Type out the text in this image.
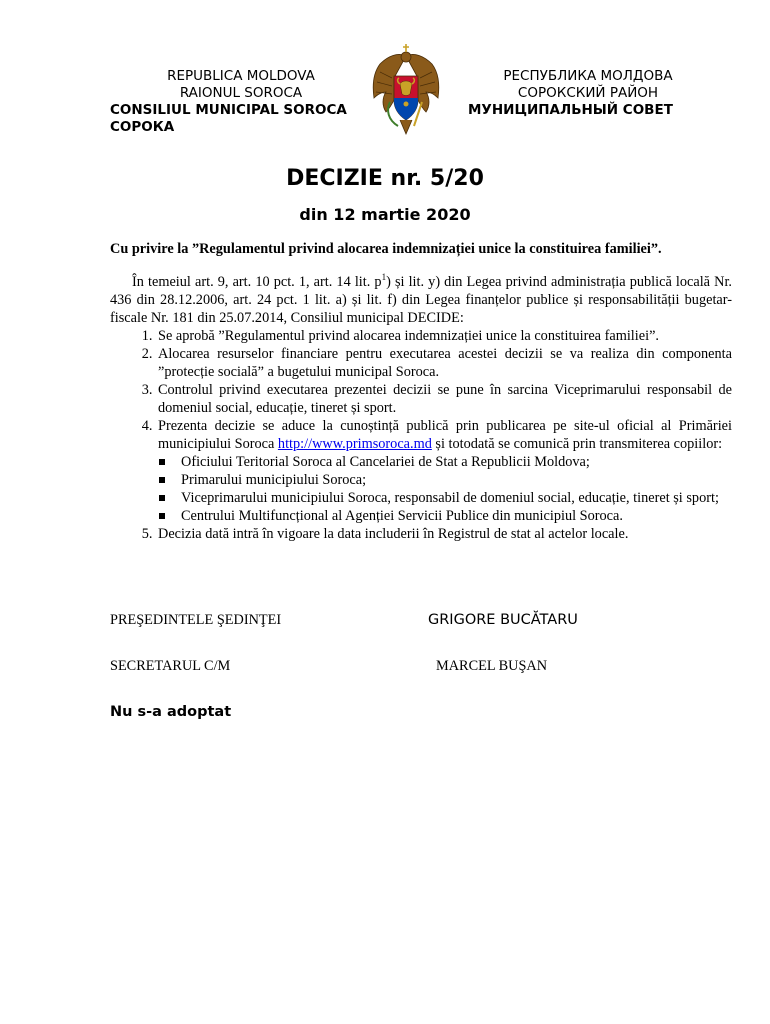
REPUBLICA MOLDOVA
RAIONUL SOROCA
CONSILIUL MUNICIPAL SOROCA
СОРОКА
РЕСПУБЛИКА МОЛДОВА
СОРОКСКИЙ РАЙОН
МУНИЦИПАЛЬНЫЙ СОВЕТ
DECIZIE nr. 5/20
din 12 martie 2020

Cu privire la ”Regulamentul privind alocarea indemnizației unice la constituirea familiei”.

În temeiul art. 9, art. 10 pct. 1, art. 14 lit. $p^1$) și lit. y) din Legea privind administrația publică locală Nr. 436 din 28.12.2006, art. 24 pct. 1 lit. a) și lit. f) din Legea finanțelor publice și responsabilității bugetar-fiscale Nr. 181 din 25.07.2014, Consiliul municipal DECIDE:

1. Se aprobă ”Regulamentul privind alocarea indemnizației unice la constituirea familiei”.
2. Alocarea resurselor financiare pentru executarea acestei decizii se va realiza din componenta ”protecție socială” a bugetului municipal Soroca.
3. Controlul privind executarea prezentei decizii se pune în sarcina Viceprimarului responsabil de domeniul social, educație, tineret și sport.
4. Prezenta decizie se aduce la cunoștință publică prin publicarea pe site-ul oficial al Primăriei municipiului Soroca http://www.primsoroca.md și totodată se comunică prin transmiterea copiilor:
Oficiului Teritorial Soroca al Cancelariei de Stat a Republicii Moldova;
Primarului municipiului Soroca;
Viceprimarului municipiului Soroca, responsabil de domeniul social, educație, tineret și sport;
Centrului Multifuncțional al Agenției Servicii Publice din municipiul Soroca.
5. Decizia dată intră în vigoare la data includerii în Registrul de stat al actelor locale.
PREŞEDINTELE ŞEDINŢEI	GRIGORE BUCĂTARU
SECRETARUL C/M	MARCEL BUŞAN
Nu s-a adoptat
